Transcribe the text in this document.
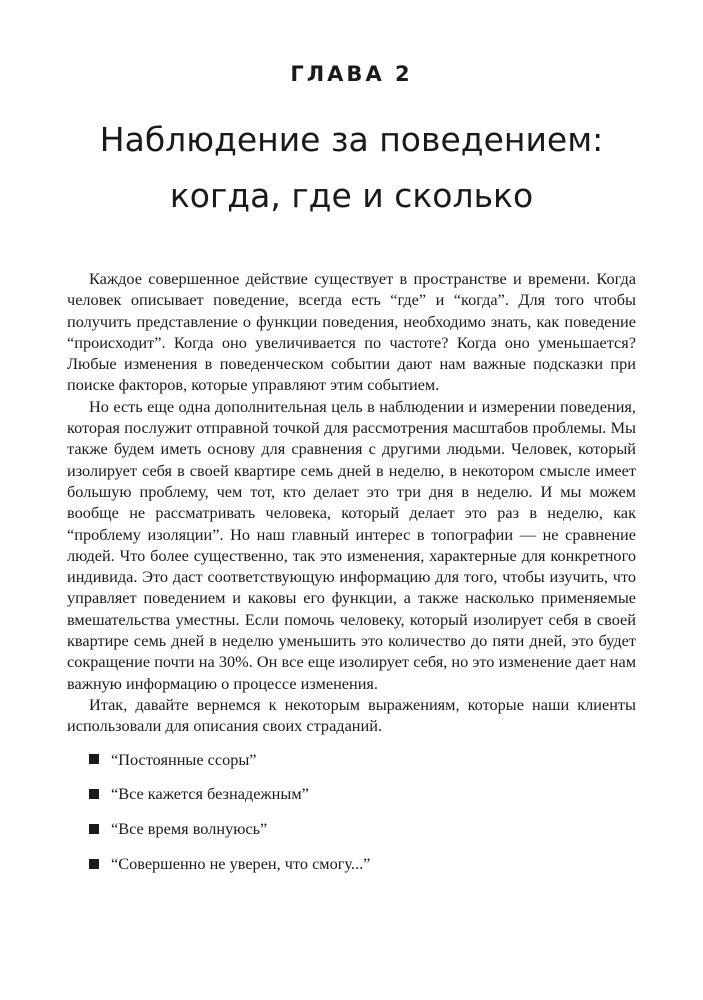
ГЛАВА 2
Наблюдение за поведением:
когда, где и сколько

Каждое совершенное действие существует в пространстве и времени. Когда человек описывает поведение, всегда есть “где” и “когда”. Для того чтобы получить представление о функции поведения, необходимо знать, как поведение “происходит”. Когда оно увеличивается по частоте? Когда оно уменьшается? Любые изменения в поведенческом событии дают нам важные подсказки при поиске факторов, которые управляют этим событием.

Но есть еще одна дополнительная цель в наблюдении и измерении поведения, которая послужит отправной точкой для рассмотрения масштабов проблемы. Мы также будем иметь основу для сравнения с другими людьми. Человек, который изолирует себя в своей квартире семь дней в неделю, в некотором смысле имеет большую проблему, чем тот, кто делает это три дня в неделю. И мы можем вообще не рассматривать человека, который делает это раз в неделю, как “проблему изоляции”. Но наш главный интерес в топографии — не сравнение людей. Что более существенно, так это изменения, характерные для конкретного индивида. Это даст соответствующую информацию для того, чтобы изучить, что управляет поведением и каковы его функции, а также насколько применяемые вмешательства уместны. Если помочь человеку, который изолирует себя в своей квартире семь дней в неделю уменьшить это количество до пяти дней, это будет сокращение почти на 30%. Он все еще изолирует себя, но это изменение дает нам важную информацию о процессе изменения.

Итак, давайте вернемся к некоторым выражениям, которые наши клиенты использовали для описания своих страданий.

“Постоянные ссоры”
“Все кажется безнадежным”
“Все время волнуюсь”
“Совершенно не уверен, что смогу...”
